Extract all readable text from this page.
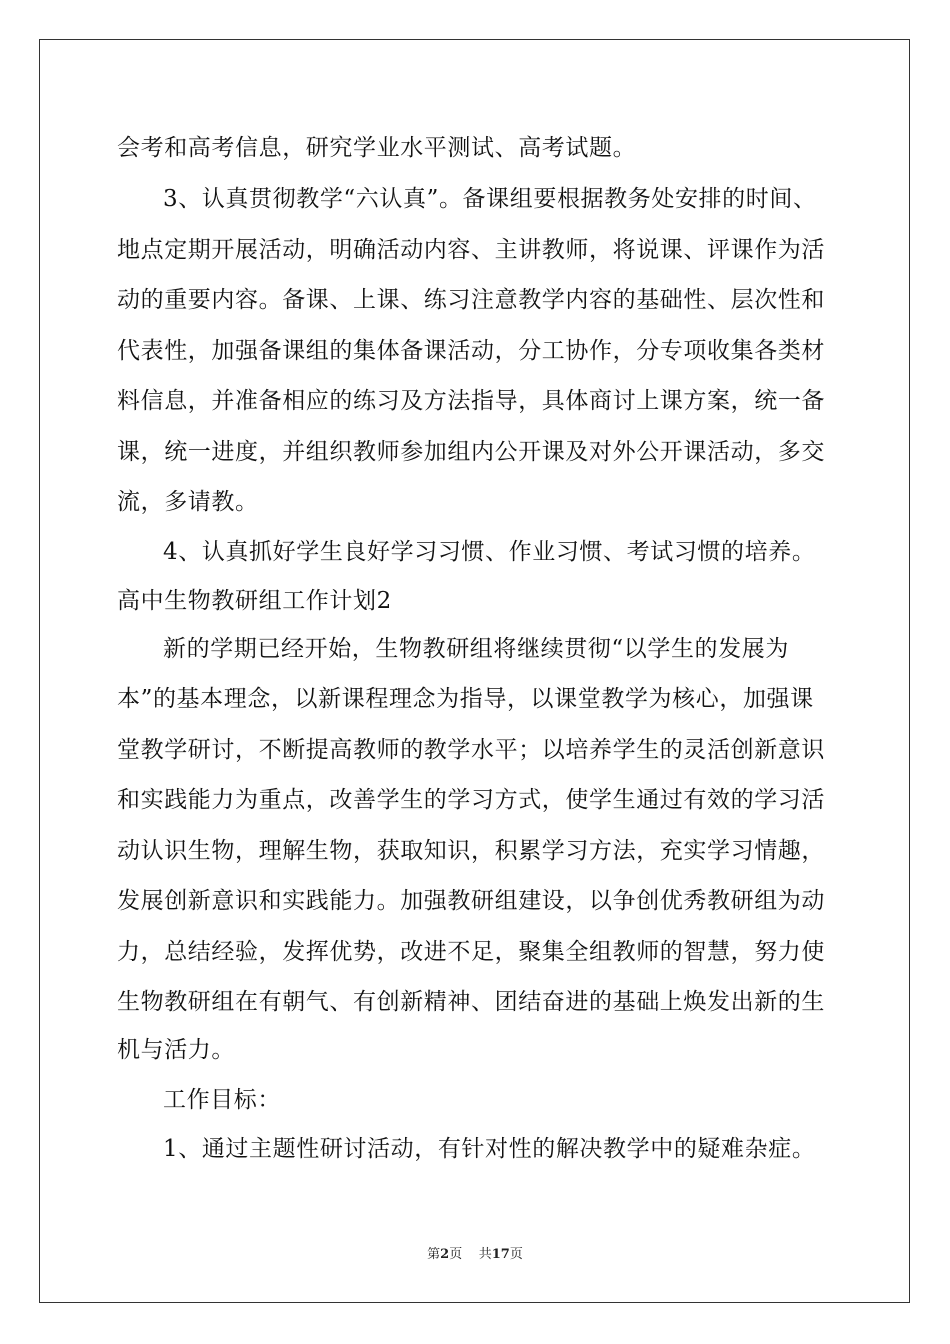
会考和高考信息，研究学业水平测试、高考试题。
3、认真贯彻教学“六认真”。备课组要根据教务处安排的时间、
地点定期开展活动，明确活动内容、主讲教师，将说课、评课作为活
动的重要内容。备课、上课、练习注意教学内容的基础性、层次性和
代表性，加强备课组的集体备课活动，分工协作，分专项收集各类材
料信息，并准备相应的练习及方法指导，具体商讨上课方案，统一备
课，统一进度，并组织教师参加组内公开课及对外公开课活动，多交
流，多请教。
4、认真抓好学生良好学习习惯、作业习惯、考试习惯的培养。
高中生物教研组工作计划2
新的学期已经开始，生物教研组将继续贯彻“以学生的发展为
本”的基本理念，以新课程理念为指导，以课堂教学为核心，加强课
堂教学研讨，不断提高教师的教学水平；以培养学生的灵活创新意识
和实践能力为重点，改善学生的学习方式，使学生通过有效的学习活
动认识生物，理解生物，获取知识，积累学习方法，充实学习情趣，
发展创新意识和实践能力。加强教研组建设，以争创优秀教研组为动
力，总结经验，发挥优势，改进不足，聚集全组教师的智慧，努力使
生物教研组在有朝气、有创新精神、团结奋进的基础上焕发出新的生
机与活力。
工作目标：
1、通过主题性研讨活动，有针对性的解决教学中的疑难杂症。
第2页    共17页
